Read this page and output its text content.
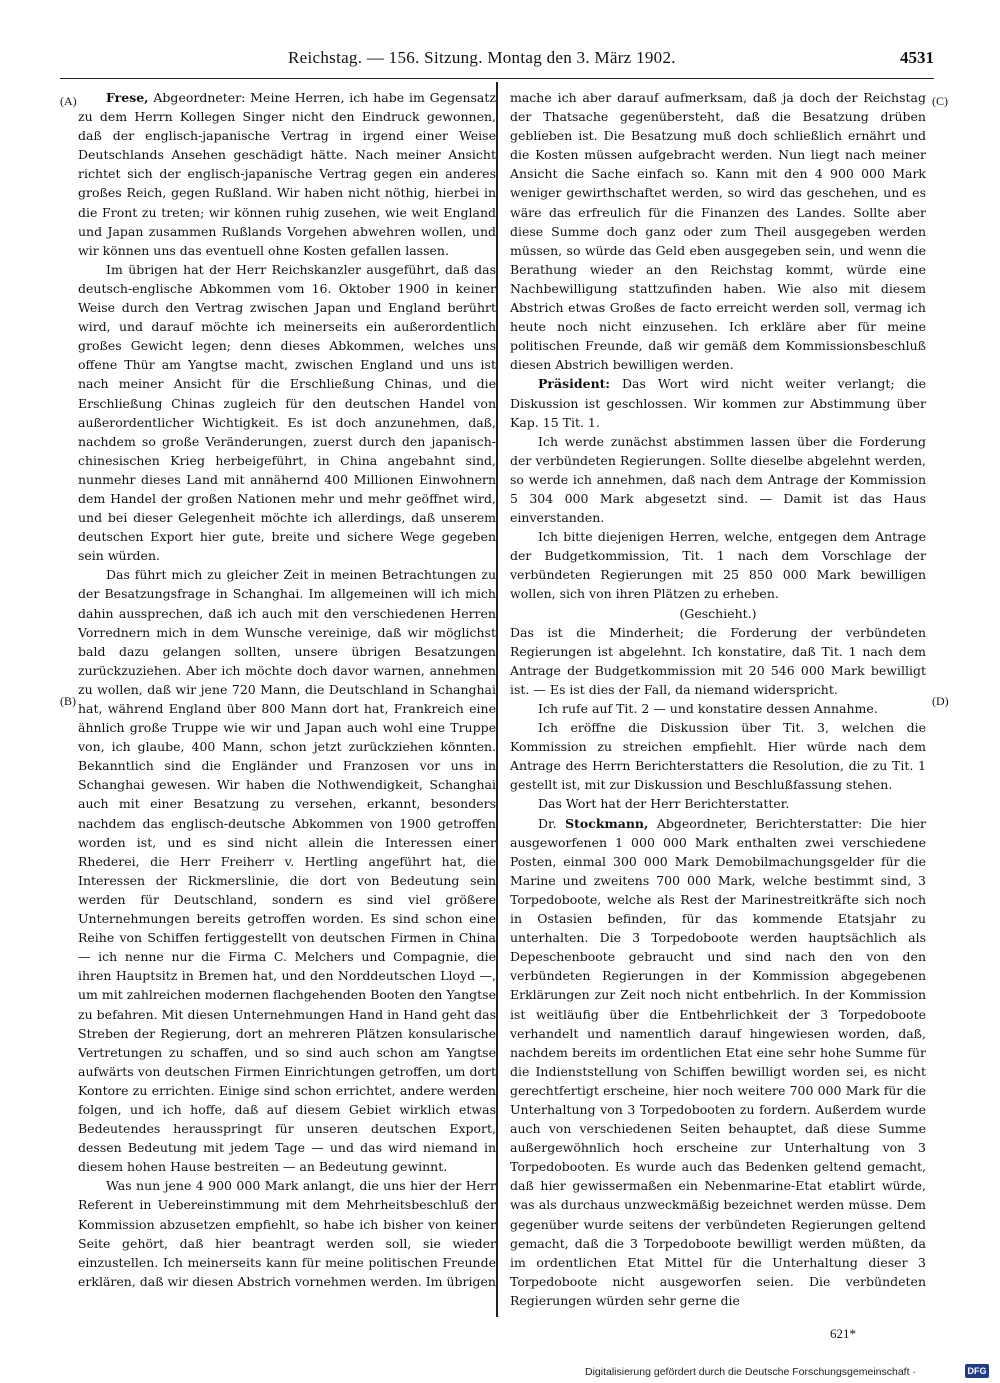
Reichstag. — 156. Sitzung. Montag den 3. März 1902.	4531
(A)
(B)
(C)
(D)

Frese, Abgeordneter: Meine Herren, ich habe im Gegensatz zu dem Herrn Kollegen Singer nicht den Eindruck gewonnen, daß der englisch-japanische Vertrag in irgend einer Weise Deutschlands Ansehen geschädigt hätte. Nach meiner Ansicht richtet sich der englisch-japanische Vertrag gegen ein anderes großes Reich, gegen Rußland. Wir haben nicht nöthig, hierbei in die Front zu treten; wir können ruhig zusehen, wie weit England und Japan zusammen Rußlands Vorgehen abwehren wollen, und wir können uns das eventuell ohne Kosten gefallen lassen.

Im übrigen hat der Herr Reichskanzler ausgeführt, daß das deutsch-englische Abkommen vom 16. Oktober 1900 in keiner Weise durch den Vertrag zwischen Japan und England berührt wird, und darauf möchte ich meinerseits ein außerordentlich großes Gewicht legen; denn dieses Abkommen, welches uns offene Thür am Yangtse macht, zwischen England und uns ist nach meiner Ansicht für die Erschließung Chinas, und die Erschließung Chinas zugleich für den deutschen Handel von außerordentlicher Wichtigkeit. Es ist doch anzunehmen, daß, nachdem so große Veränderungen, zuerst durch den japanisch-chinesischen Krieg herbeigeführt, in China angebahnt sind, nunmehr dieses Land mit annähernd 400 Millionen Einwohnern dem Handel der großen Nationen mehr und mehr geöffnet wird, und bei dieser Gelegenheit möchte ich allerdings, daß unserem deutschen Export hier gute, breite und sichere Wege gegeben sein würden.

Das führt mich zu gleicher Zeit in meinen Betrachtungen zu der Besatzungsfrage in Schanghai. Im allgemeinen will ich mich dahin aussprechen, daß ich auch mit den verschiedenen Herren Vorrednern mich in dem Wunsche vereinige, daß wir möglichst bald dazu gelangen sollten, unsere übrigen Besatzungen zurückzuziehen. Aber ich möchte doch davor warnen, annehmen zu wollen, daß wir jene 720 Mann, die Deutschland in Schanghai hat, während England über 800 Mann dort hat, Frankreich eine ähnlich große Truppe wie wir und Japan auch wohl eine Truppe von, ich glaube, 400 Mann, schon jetzt zurückziehen könnten. Bekanntlich sind die Engländer und Franzosen vor uns in Schanghai gewesen. Wir haben die Nothwendigkeit, Schanghai auch mit einer Besatzung zu versehen, erkannt, besonders nachdem das englisch-deutsche Abkommen von 1900 getroffen worden ist, und es sind nicht allein die Interessen einer Rhederei, die Herr Freiherr v. Hertling angeführt hat, die Interessen der Rickmerslinie, die dort von Bedeutung sein werden für Deutschland, sondern es sind viel größere Unternehmungen bereits getroffen worden. Es sind schon eine Reihe von Schiffen fertiggestellt von deutschen Firmen in China — ich nenne nur die Firma C. Melchers und Compagnie, die ihren Hauptsitz in Bremen hat, und den Norddeutschen Lloyd —, um mit zahlreichen modernen flachgehenden Booten den Yangtse zu befahren. Mit diesen Unternehmungen Hand in Hand geht das Streben der Regierung, dort an mehreren Plätzen konsularische Vertretungen zu schaffen, und so sind auch schon am Yangtse aufwärts von deutschen Firmen Einrichtungen getroffen, um dort Kontore zu errichten. Einige sind schon errichtet, andere werden folgen, und ich hoffe, daß auf diesem Gebiet wirklich etwas Bedeutendes herausspringt für unseren deutschen Export, dessen Bedeutung mit jedem Tage — und das wird niemand in diesem hohen Hause bestreiten — an Bedeutung gewinnt.

Was nun jene 4 900 000 Mark anlangt, die uns hier der Herr Referent in Uebereinstimmung mit dem Mehrheitsbeschluß der Kommission abzusetzen empfiehlt, so habe ich bisher von keiner Seite gehört, daß hier beantragt werden soll, sie wieder einzustellen. Ich meinerseits kann für meine politischen Freunde erklären, daß wir diesen Abstrich vornehmen werden. Im übrigen

mache ich aber darauf aufmerksam, daß ja doch der Reichstag der Thatsache gegenübersteht, daß die Besatzung drüben geblieben ist. Die Besatzung muß doch schließlich ernährt und die Kosten müssen aufgebracht werden. Nun liegt nach meiner Ansicht die Sache einfach so. Kann mit den 4 900 000 Mark weniger gewirthschaftet werden, so wird das geschehen, und es wäre das erfreulich für die Finanzen des Landes. Sollte aber diese Summe doch ganz oder zum Theil ausgegeben werden müssen, so würde das Geld eben ausgegeben sein, und wenn die Berathung wieder an den Reichstag kommt, würde eine Nachbewilligung stattzufinden haben. Wie also mit diesem Abstrich etwas Großes de facto erreicht werden soll, vermag ich heute noch nicht einzusehen. Ich erkläre aber für meine politischen Freunde, daß wir gemäß dem Kommissionsbeschluß diesen Abstrich bewilligen werden.

Präsident: Das Wort wird nicht weiter verlangt; die Diskussion ist geschlossen. Wir kommen zur Abstimmung über Kap. 15 Tit. 1.

Ich werde zunächst abstimmen lassen über die Forderung der verbündeten Regierungen. Sollte dieselbe abgelehnt werden, so werde ich annehmen, daß nach dem Antrage der Kommission 5 304 000 Mark abgesetzt sind. — Damit ist das Haus einverstanden.

Ich bitte diejenigen Herren, welche, entgegen dem Antrage der Budgetkommission, Tit. 1 nach dem Vorschlage der verbündeten Regierungen mit 25 850 000 Mark bewilligen wollen, sich von ihren Plätzen zu erheben.

(Geschieht.)

Das ist die Minderheit; die Forderung der verbündeten Regierungen ist abgelehnt. Ich konstatire, daß Tit. 1 nach dem Antrage der Budgetkommission mit 20 546 000 Mark bewilligt ist. — Es ist dies der Fall, da niemand widerspricht.

Ich rufe auf Tit. 2 — und konstatire dessen Annahme.

Ich eröffne die Diskussion über Tit. 3, welchen die Kommission zu streichen empfiehlt. Hier würde nach dem Antrage des Herrn Berichterstatters die Resolution, die zu Tit. 1 gestellt ist, mit zur Diskussion und Beschlußfassung stehen.

Das Wort hat der Herr Berichterstatter.

Dr. Stockmann, Abgeordneter, Berichterstatter: Die hier ausgeworfenen 1 000 000 Mark enthalten zwei verschiedene Posten, einmal 300 000 Mark Demobilmachungsgelder für die Marine und zweitens 700 000 Mark, welche bestimmt sind, 3 Torpedoboote, welche als Rest der Marinestreitkräfte sich noch in Ostasien befinden, für das kommende Etatsjahr zu unterhalten. Die 3 Torpedoboote werden hauptsächlich als Depeschenboote gebraucht und sind nach den von den verbündeten Regierungen in der Kommission abgegebenen Erklärungen zur Zeit noch nicht entbehrlich. In der Kommission ist weitläufig über die Entbehrlichkeit der 3 Torpedoboote verhandelt und namentlich darauf hingewiesen worden, daß, nachdem bereits im ordentlichen Etat eine sehr hohe Summe für die Indienststellung von Schiffen bewilligt worden sei, es nicht gerechtfertigt erscheine, hier noch weitere 700 000 Mark für die Unterhaltung von 3 Torpedobooten zu fordern. Außerdem wurde auch von verschiedenen Seiten behauptet, daß diese Summe außergewöhnlich hoch erscheine zur Unterhaltung von 3 Torpedobooten. Es wurde auch das Bedenken geltend gemacht, daß hier gewissermaßen ein Nebenmarine-Etat etablirt würde, was als durchaus unzweckmäßig bezeichnet werden müsse. Dem gegenüber wurde seitens der verbündeten Regierungen geltend gemacht, daß die 3 Torpedoboote bewilligt werden müßten, da im ordentlichen Etat Mittel für die Unterhaltung dieser 3 Torpedoboote nicht ausgeworfen seien. Die verbündeten Regierungen würden sehr gerne die

621*
Digitalisierung gefördert durch die Deutsche Forschungsgemeinschaft ·	DFG
